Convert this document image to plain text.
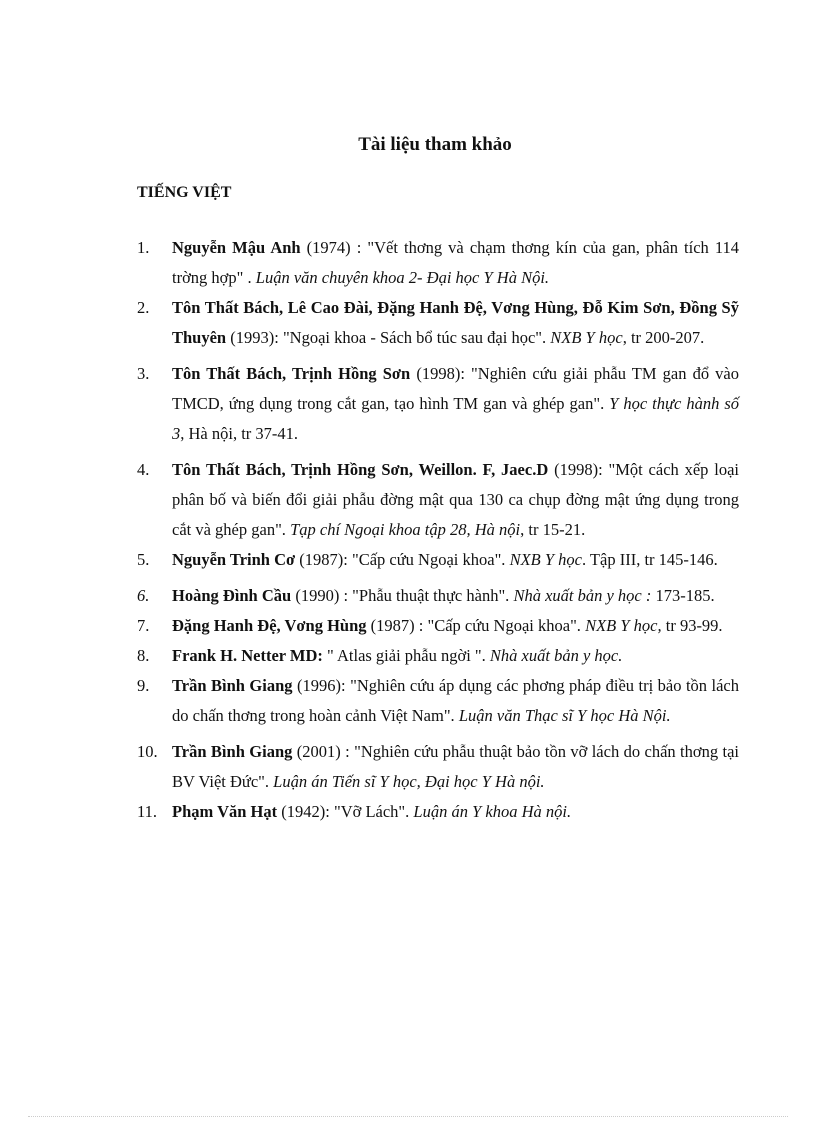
Tài liệu tham khảo
TIẾNG VIỆT
1.	Nguyễn Mậu Anh (1974) : "Vết thơng và chạm thơng kín của gan, phân tích 114 trờng hợp" . Luận văn chuyên khoa 2- Đại học Y Hà Nội.
2.	Tôn Thất Bách, Lê Cao Đài, Đặng Hanh Đệ, Vơng Hùng, Đỗ Kim Sơn, Đồng Sỹ Thuyên (1993): "Ngoại khoa - Sách bổ túc sau đại học". NXB Y học, tr 200-207.
3.	Tôn Thất Bách, Trịnh Hồng Sơn (1998): "Nghiên cứu giải phẫu TM gan đổ vào TMCD, ứng dụng trong cắt gan, tạo hình TM gan và ghép gan". Y học thực hành số 3, Hà nội, tr 37-41.
4.	Tôn Thất Bách, Trịnh Hồng Sơn, Weillon. F, Jaec.D (1998): "Một cách xếp loại phân bố và biến đổi giải phẫu đờng mật qua 130 ca chụp đờng mật ứng dụng trong cắt và ghép gan". Tạp chí Ngoại khoa tập 28, Hà nội, tr 15-21.
5.	Nguyễn Trinh Cơ (1987): "Cấp cứu Ngoại khoa". NXB Y học. Tập III, tr 145-146.
6.	Hoàng Đình Cầu (1990) : "Phẫu thuật thực hành". Nhà xuất bản y học : 173-185.
7.	Đặng Hanh Đệ, Vơng Hùng (1987) : "Cấp cứu Ngoại khoa". NXB Y học, tr 93-99.
8.	Frank H. Netter MD: " Atlas giải phẫu ngời ". Nhà xuất bản y học.
9.	Trần Bình Giang (1996): "Nghiên cứu áp dụng các phơng pháp điều trị bảo tồn lách do chấn thơng trong hoàn cảnh Việt Nam". Luận văn Thạc sĩ Y học Hà Nội.
10. Trần Bình Giang (2001) : "Nghiên cứu phẫu thuật bảo tồn vỡ lách do chấn thơng tại BV Việt Đức". Luận án Tiến sĩ Y học, Đại học Y Hà nội.
11. Phạm Văn Hạt (1942): "Vỡ Lách". Luận án Y khoa Hà nội.
